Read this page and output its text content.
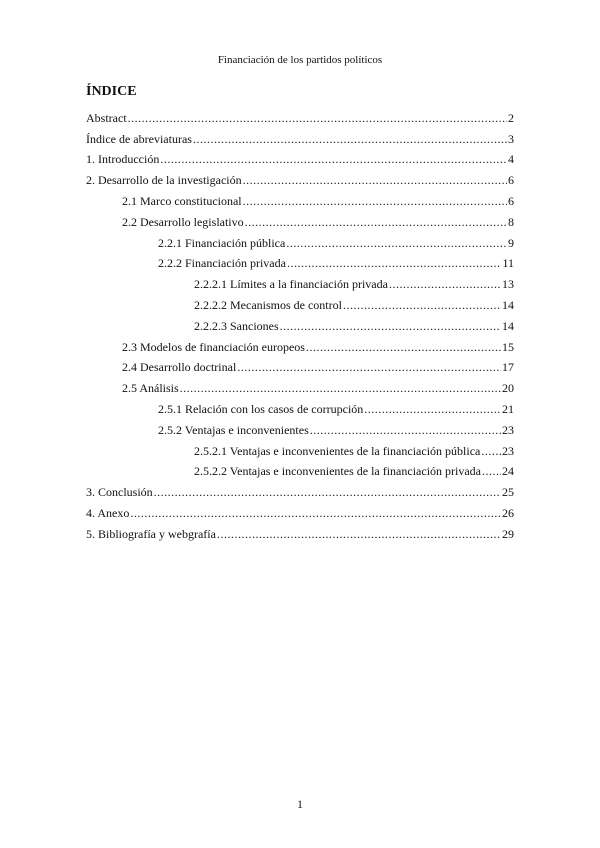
Financiación de los partidos políticos
ÍNDICE
Abstract .....	2
Índice de abreviaturas .....	3
1. Introducción .....	4
2. Desarrollo de la investigación .....	6
2.1 Marco constitucional .....	6
2.2 Desarrollo legislativo .....	8
2.2.1 Financiación pública .....	9
2.2.2 Financiación privada .....	11
2.2.2.1 Límites a la financiación privada .....	13
2.2.2.2 Mecanismos de control .....	14
2.2.2.3 Sanciones .....	14
2.3 Modelos de financiación europeos .....	15
2.4 Desarrollo doctrinal .....	17
2.5 Análisis .....	20
2.5.1 Relación con los casos de corrupción .....	21
2.5.2 Ventajas e inconvenientes .....	23
2.5.2.1 Ventajas e inconvenientes de la financiación pública ..... 23
2.5.2.2 Ventajas e inconvenientes de la financiación privada ..... 24
3. Conclusión .....	25
4. Anexo .....	26
5. Bibliografía y webgrafía .....	29
1
